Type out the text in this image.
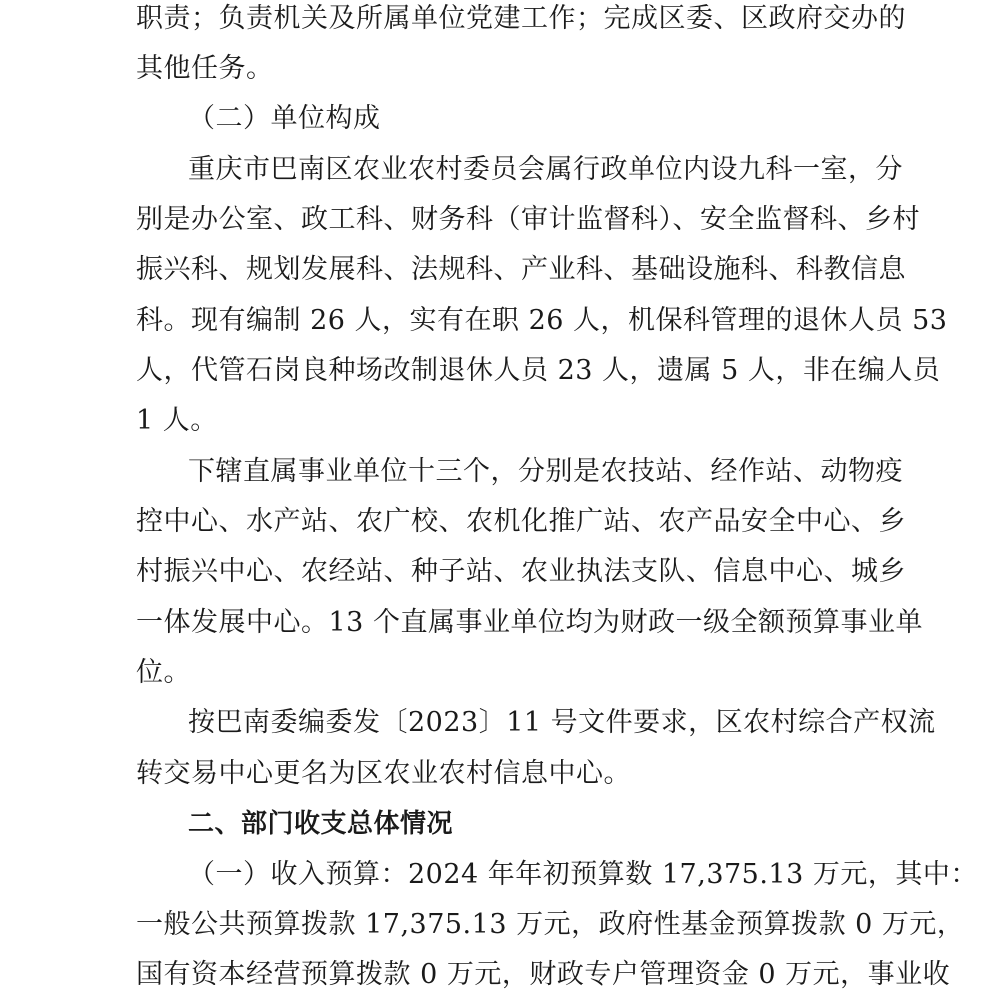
职责；负责机关及所属单位党建工作；完成区委、区政府交办的
其他任务。
（二）单位构成
重庆市巴南区农业农村委员会属行政单位内设九科一室，分
别是办公室、政工科、财务科（审计监督科）、安全监督科、乡村
振兴科、规划发展科、法规科、产业科、基础设施科、科教信息
科。现有编制 26 人，实有在职 26 人，机保科管理的退休人员 53
人，代管石岗良种场改制退休人员 23 人，遗属 5 人，非在编人员
1 人。
下辖直属事业单位十三个，分别是农技站、经作站、动物疫
控中心、水产站、农广校、农机化推广站、农产品安全中心、乡
村振兴中心、农经站、种子站、农业执法支队、信息中心、城乡
一体发展中心。13 个直属事业单位均为财政一级全额预算事业单
位。
按巴南委编委发〔2023〕11 号文件要求，区农村综合产权流
转交易中心更名为区农业农村信息中心。
二、部门收支总体情况
（一）收入预算：2024 年年初预算数 17,375.13 万元，其中：
一般公共预算拨款 17,375.13 万元，政府性基金预算拨款 0 万元，
国有资本经营预算拨款 0 万元，财政专户管理资金 0 万元，事业收
